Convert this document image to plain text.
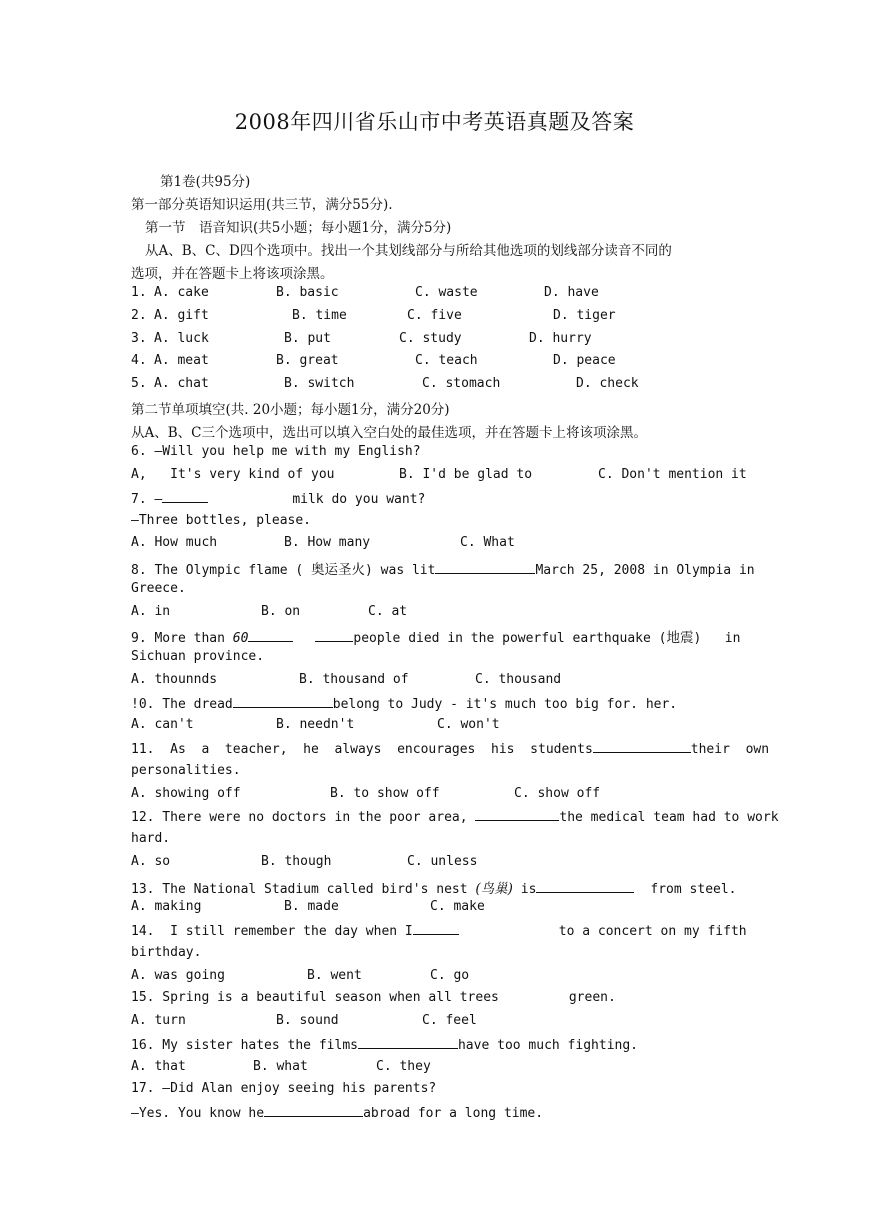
2008年四川省乐山市中考英语真题及答案
第1卷(共95分)
第一部分英语知识运用(共三节，满分55分).
第一节　语音知识(共5小题；每小题1分，满分5分)
从A、B、C、D四个选项中。找出一个其划线部分与所给其他选项的划线部分读音不同的
选项，并在答题卡上将该项涂黑。
1. A. cake	B. basic	C. waste	D. have
2. A. gift	B. time	C. five	D. tiger
3. A. luck	B. put	C. study	D. hurry
4. A. meat	B. great	C. teach	D. peace
5. A. chat	B. switch	C. stomach	D. check
第二节单项填空(共. 20小题；每小题1分，满分20分)
从A、B、C三个选项中，选出可以填入空白处的最佳选项，并在答题卡上将该项涂黑。
6. —Will you help me with my English?
A,   It's very kind of you	B. I'd be glad to	C. Don't mention it
7. —	milk do you want?
—Three bottles, please.
A. How much	B. How many	C. What
8. The Olympic flame ( 奥运圣火) was lit	March 25, 2008 in Olympia in
Greece.
A. in	B. on	C. at
9. More than 60	people died in the powerful earthquake (地震)   in
Sichuan province.
A. thounnds	B. thousand of	C. thousand
!0. The dread	belong to Judy - it's much too big for. her.
A. can't	B. needn't	C. won't
11.  As  a  teacher,  he  always  encourages  his  students	their  own
personalities.
A. showing off	B. to show off	C. show off
12. There were no doctors in the poor area,	the medical team had to work
hard.
A. so	B. though	C. unless
13. The National Stadium called bird's nest (鸟巢) is	from steel.
A. making	B. made	C. make
14.  I still remember the day when I	to a concert on my fifth
birthday.
A. was going	B. went	C. go
15. Spring is a beautiful season when all trees	green.
A. turn	B. sound	C. feel
16. My sister hates the films	have too much fighting.
A. that	B. what	C. they
17. —Did Alan enjoy seeing his parents?
—Yes. You know he	abroad for a long time.
